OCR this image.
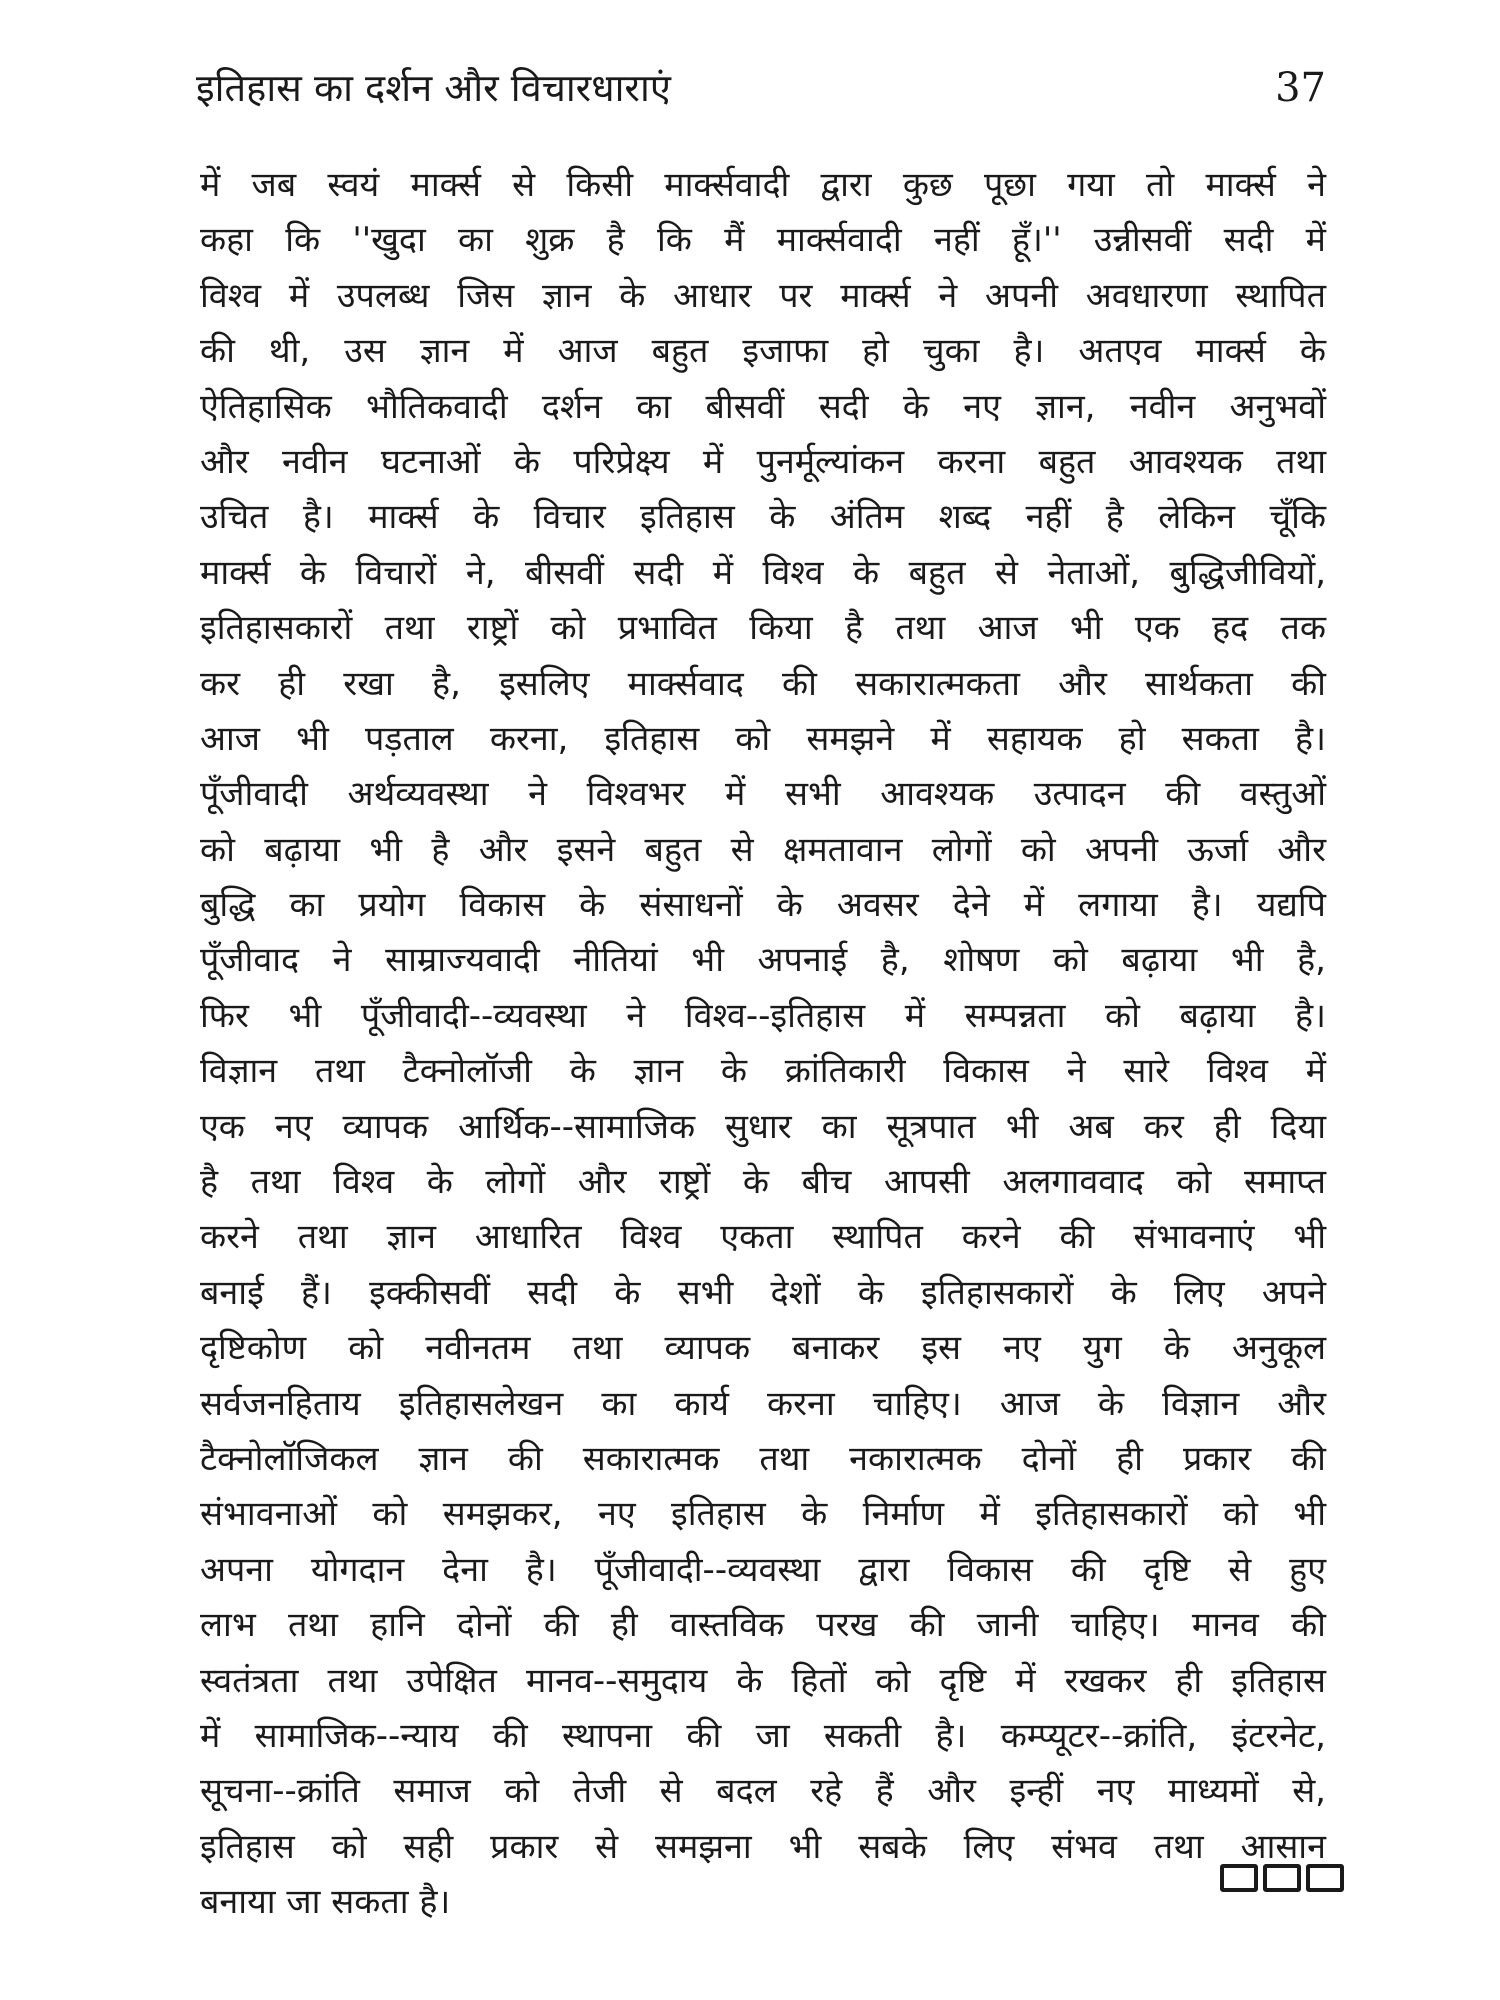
इतिहास का दर्शन और विचारधाराएं	37
में जब स्वयं मार्क्स से किसी मार्क्सवादी द्वारा कुछ पूछा गया तो मार्क्स ने
कहा कि ''खुदा का शुक्र है कि मैं मार्क्सवादी नहीं हूँ।'' उन्नीसवीं सदी में
विश्व में उपलब्ध जिस ज्ञान के आधार पर मार्क्स ने अपनी अवधारणा स्थापित
की थी, उस ज्ञान में आज बहुत इजाफा हो चुका है। अतएव मार्क्स के
ऐतिहासिक भौतिकवादी दर्शन का बीसवीं सदी के नए ज्ञान, नवीन अनुभवों
और नवीन घटनाओं के परिप्रेक्ष्य में पुनर्मूल्यांकन करना बहुत आवश्यक तथा
उचित है। मार्क्स के विचार इतिहास के अंतिम शब्द नहीं है लेकिन चूँकि
मार्क्स के विचारों ने, बीसवीं सदी में विश्व के बहुत से नेताओं, बुद्धिजीवियों,
इतिहासकारों तथा राष्ट्रों को प्रभावित किया है तथा आज भी एक हद तक
कर ही रखा है, इसलिए मार्क्सवाद की सकारात्मकता और सार्थकता की
आज भी पड़ताल करना, इतिहास को समझने में सहायक हो सकता है।
पूँजीवादी अर्थव्यवस्था ने विश्वभर में सभी आवश्यक उत्पादन की वस्तुओं
को बढ़ाया भी है और इसने बहुत से क्षमतावान लोगों को अपनी ऊर्जा और
बुद्धि का प्रयोग विकास के संसाधनों के अवसर देने में लगाया है। यद्यपि
पूँजीवाद ने साम्राज्यवादी नीतियां भी अपनाई है, शोषण को बढ़ाया भी है,
फिर भी पूँजीवादी--व्यवस्था ने विश्व--इतिहास में सम्पन्नता को बढ़ाया है।
विज्ञान तथा टैक्नोलॉजी के ज्ञान के क्रांतिकारी विकास ने सारे विश्व में
एक नए व्यापक आर्थिक--सामाजिक सुधार का सूत्रपात भी अब कर ही दिया
है तथा विश्व के लोगों और राष्ट्रों के बीच आपसी अलगाववाद को समाप्त
करने तथा ज्ञान आधारित विश्व एकता स्थापित करने की संभावनाएं भी
बनाई हैं। इक्कीसवीं सदी के सभी देशों के इतिहासकारों के लिए अपने
दृष्टिकोण को नवीनतम तथा व्यापक बनाकर इस नए युग के अनुकूल
सर्वजनहिताय इतिहासलेखन का कार्य करना चाहिए। आज के विज्ञान और
टैक्नोलॉजिकल ज्ञान की सकारात्मक तथा नकारात्मक दोनों ही प्रकार की
संभावनाओं को समझकर, नए इतिहास के निर्माण में इतिहासकारों को भी
अपना योगदान देना है। पूँजीवादी--व्यवस्था द्वारा विकास की दृष्टि से हुए
लाभ तथा हानि दोनों की ही वास्तविक परख की जानी चाहिए। मानव की
स्वतंत्रता तथा उपेक्षित मानव--समुदाय के हितों को दृष्टि में रखकर ही इतिहास
में सामाजिक--न्याय की स्थापना की जा सकती है। कम्प्यूटर--क्रांति, इंटरनेट,
सूचना--क्रांति समाज को तेजी से बदल रहे हैं और इन्हीं नए माध्यमों से,
इतिहास को सही प्रकार से समझना भी सबके लिए संभव तथा आसान
बनाया जा सकता है।
